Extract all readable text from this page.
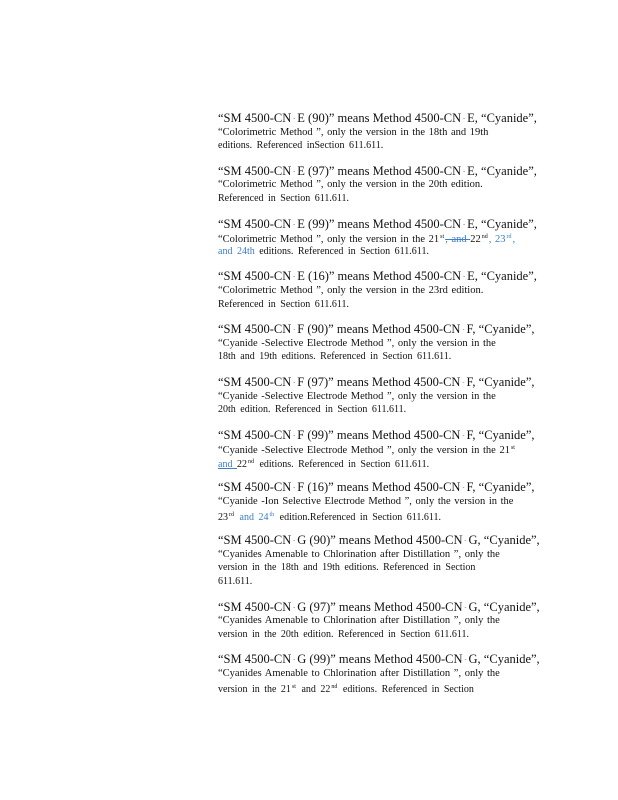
“SM 4500-CN - E (90)” means Method 4500-CN - E, “Cyanide”,
“Colorimetric Method ”, only the version in the 18th and 19th
editions. Referenced inSection 611.611.
“SM 4500-CN - E (97)” means Method 4500-CN - E, “Cyanide”,
“Colorimetric Method ”, only the version in the 20th edition.
Referenced in Section 611.611.
“SM 4500-CN - E (99)” means Method 4500-CN - E, “Cyanide”,
“Colorimetric Method ”, only the version in the 21st, and 22nd, 23rd,
and 24th editions. Referenced in Section 611.611.
“SM 4500-CN - E (16)” means Method 4500-CN - E, “Cyanide”,
“Colorimetric Method ”, only the version in the 23rd edition.
Referenced in Section 611.611.
“SM 4500-CN - F (90)” means Method 4500-CN - F, “Cyanide”,
“Cyanide -Selective Electrode Method ”, only the version in the
18th and 19th editions. Referenced in Section 611.611.
“SM 4500-CN - F (97)” means Method 4500-CN - F, “Cyanide”,
“Cyanide -Selective Electrode Method ”, only the version in the
20th edition. Referenced in Section 611.611.
“SM 4500-CN - F (99)” means Method 4500-CN - F, “Cyanide”,
“Cyanide -Selective Electrode Method ”, only the version in the 21st
and 22nd editions. Referenced in Section 611.611.
“SM 4500-CN - F (16)” means Method 4500-CN - F, “Cyanide”,
“Cyanide -Ion Selective Electrode Method ”, only the version in the
23rd and 24th edition.Referenced in Section 611.611.
“SM 4500-CN - G (90)” means Method 4500-CN - G, “Cyanide”,
“Cyanides Amenable to Chlorination after Distillation ”, only the
version in the 18th and 19th editions. Referenced in Section
611.611.
“SM 4500-CN - G (97)” means Method 4500-CN - G, “Cyanide”,
“Cyanides Amenable to Chlorination after Distillation ”, only the
version in the 20th edition. Referenced in Section 611.611.
“SM 4500-CN - G (99)” means Method 4500-CN - G, “Cyanide”,
“Cyanides Amenable to Chlorination after Distillation ”, only the
version in the 21st and 22nd editions. Referenced in Section
